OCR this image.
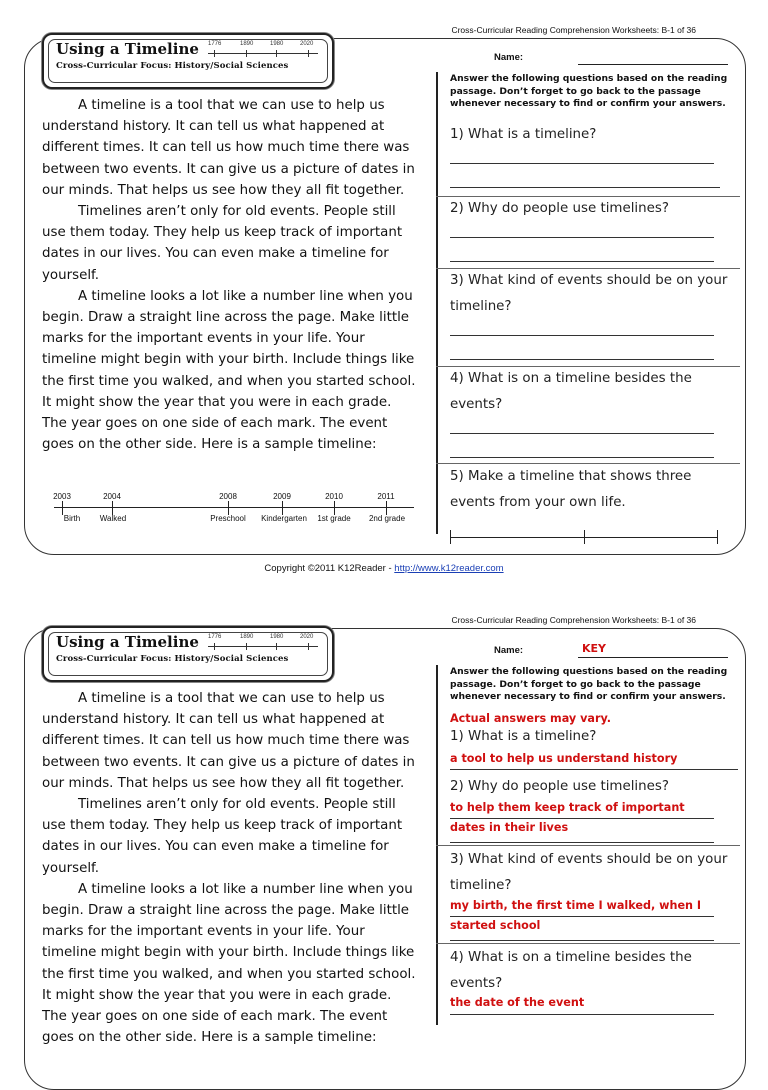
Cross-Curricular Reading Comprehension Worksheets: B-1 of 36
Using a Timeline
Cross-Curricular Focus: History/Social Sciences
1776	1890	1980	2020

A timeline is a tool that we can use to help us understand history. It can tell us what happened at different times. It can tell us how much time there was between two events. It can give us a picture of dates in our minds. That helps us see how they all fit together.

Timelines aren’t only for old events. People still use them today. They help us keep track of important dates in our lives. You can even make a timeline for yourself.

A timeline looks a lot like a number line when you begin. Draw a straight line across the page. Make little marks for the important events in your life. Your timeline might begin with your birth. Include things like the first time you walked, and when you started school. It might show the year that you were in each grade. The year goes on one side of each mark. The event goes on the other side. Here is a sample timeline:

2003	2004	2008	2009	2010	2011
Birth Walked	Preschool Kindergarten 1st grade 2nd grade
Name:
Answer the following questions based on the reading passage. Don’t forget to go back to the passage whenever necessary to find or confirm your answers.
1) What is a timeline?
2) Why do people use timelines?
3) What kind of events should be on your timeline?
4) What is on a timeline besides the events?
5) Make a timeline that shows three events from your own life.
Copyright ©2011 K12Reader - http://www.k12reader.com
Cross-Curricular Reading Comprehension Worksheets: B-1 of 36
Using a Timeline
Cross-Curricular Focus: History/Social Sciences
1776	1890	1980	2020

A timeline is a tool that we can use to help us understand history. It can tell us what happened at different times. It can tell us how much time there was between two events. It can give us a picture of dates in our minds. That helps us see how they all fit together.

Timelines aren’t only for old events. People still use them today. They help us keep track of important dates in our lives. You can even make a timeline for yourself.

A timeline looks a lot like a number line when you begin. Draw a straight line across the page. Make little marks for the important events in your life. Your timeline might begin with your birth. Include things like the first time you walked, and when you started school. It might show the year that you were in each grade. The year goes on one side of each mark. The event goes on the other side. Here is a sample timeline:

Name:	KEY
Answer the following questions based on the reading passage. Don’t forget to go back to the passage whenever necessary to find or confirm your answers.
Actual answers may vary.
1) What is a timeline?
a tool to help us understand history
2) Why do people use timelines?
to help them keep track of important
dates in their lives
3) What kind of events should be on your timeline?
my birth, the first time I walked, when I
started school
4) What is on a timeline besides the events?
the date of the event
